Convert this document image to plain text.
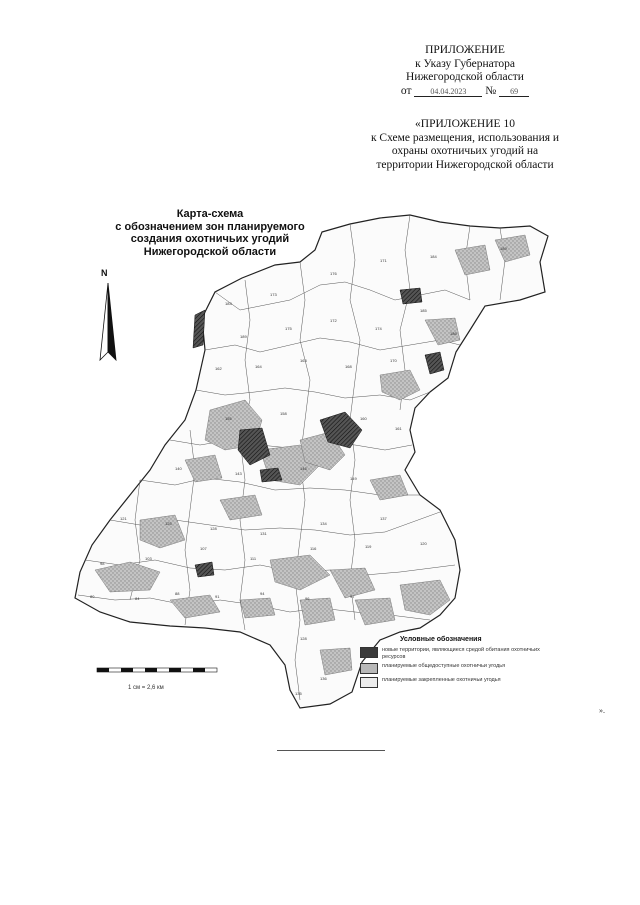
ПРИЛОЖЕНИЕ
к Указу Губернатора
Нижегородской области
от 04.04.2023 № 69
«ПРИЛОЖЕНИЕ 10
к Схеме размещения, использования и
охраны охотничьих угодий на
территории Нижегородской области
183
173
176
171
184
189
189
175
172
174
185
186
162	164
163
168
170
155
158
160
161
140
143
146
149
121
125
128
131
134
137
98
103
107
111
116	119
120
80	84
88
91
94
96	97
128
136
135
Карта-схема
с обозначением зон планируемого
создания охотничьих угодий
Нижегородской области
N
1 см = 2,6 км
Условные обозначения
новые территории, являющиеся средой обитания охотничьих ресурсов
планируемые общедоступные охотничьи угодья
планируемые закрепленные охотничьи угодья
».
